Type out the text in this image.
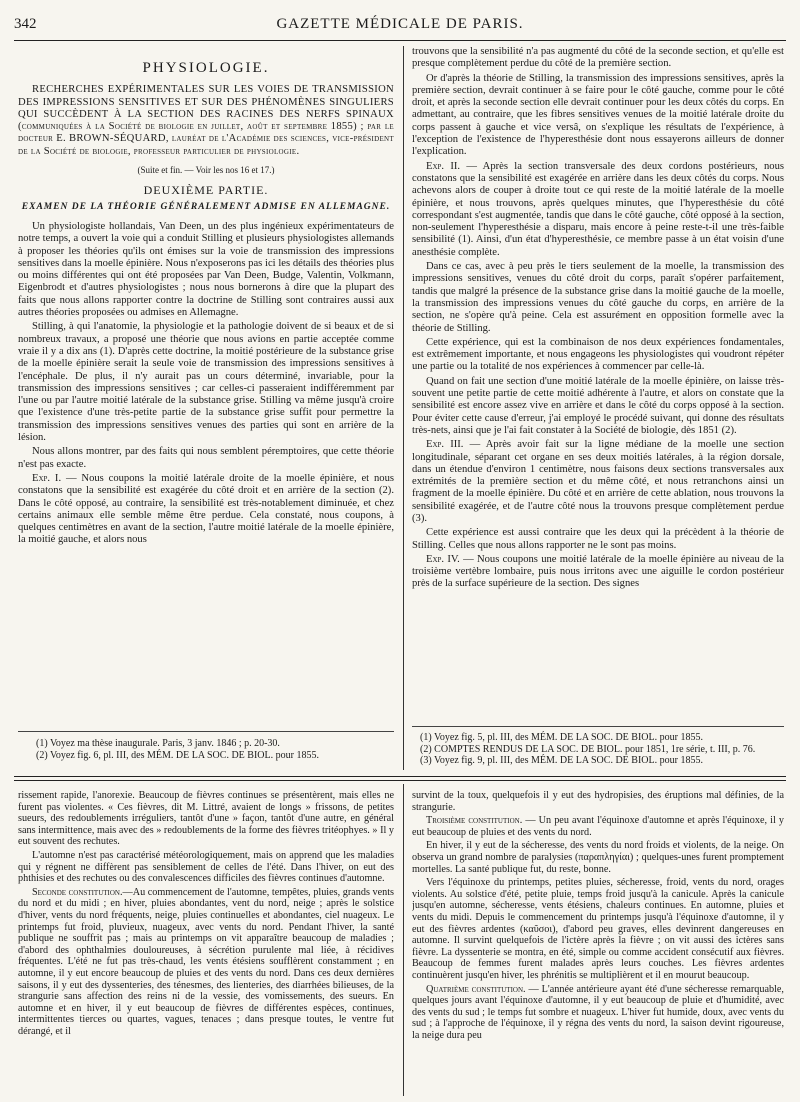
342	GAZETTE MÉDICALE DE PARIS.
PHYSIOLOGIE.

RECHERCHES EXPÉRIMENTALES SUR LES VOIES DE TRANSMISSION DES IMPRESSIONS SENSITIVES ET SUR DES PHÉNOMÈNES SINGULIERS QUI SUCCÈDENT À LA SECTION DES RACINES DES NERFS SPINAUX (communiquées à la Société de biologie en juillet, août et septembre 1855) ; par le docteur E. BROWN-SÉQUARD, lauréat de l'Académie des sciences, vice-président de la Société de biologie, professeur particulier de physiologie.

(Suite et fin. — Voir les nos 16 et 17.)
DEUXIÈME PARTIE.
EXAMEN DE LA THÉORIE GÉNÉRALEMENT ADMISE EN ALLEMAGNE.

Un physiologiste hollandais, Van Deen, un des plus ingénieux expérimentateurs de notre temps, a ouvert la voie qui a conduit Stilling et plusieurs physiologistes allemands à proposer les théories qu'ils ont émises sur la voie de transmission des impressions sensitives dans la moelle épinière. Nous n'exposerons pas ici les détails des théories plus ou moins différentes qui ont été proposées par Van Deen, Budge, Valentin, Volkmann, Eigenbrodt et d'autres physiologistes ; nous nous bornerons à dire que la plupart des faits que nous allons rapporter contre la doctrine de Stilling sont contraires aussi aux autres théories proposées ou admises en Allemagne.

Stilling, à qui l'anatomie, la physiologie et la pathologie doivent de si beaux et de si nombreux travaux, a proposé une théorie que nous avions en partie acceptée comme vraie il y a dix ans (1). D'après cette doctrine, la moitié postérieure de la substance grise de la moelle épinière serait la seule voie de transmission des impressions sensitives à l'encéphale. De plus, il n'y aurait pas un cours déterminé, invariable, pour la transmission des impressions sensitives ; car celles-ci passeraient indifféremment par l'une ou par l'autre moitié latérale de la substance grise. Stilling va même jusqu'à croire que l'existence d'une très-petite partie de la substance grise suffit pour permettre la transmission des impressions sensitives venues des parties qui sont en arrière de la lésion.

Nous allons montrer, par des faits qui nous semblent péremptoires, que cette théorie n'est pas exacte.

Exp. I. — Nous coupons la moitié latérale droite de la moelle épinière, et nous constatons que la sensibilité est exagérée du côté droit et en arrière de la section (2). Dans le côté opposé, au contraire, la sensibilité est très-notablement diminuée, et chez certains animaux elle semble même être perdue. Cela constaté, nous coupons, à quelques centimètres en avant de la section, l'autre moitié latérale de la moelle épinière, la moitié gauche, et alors nous

trouvons que la sensibilité n'a pas augmenté du côté de la seconde section, et qu'elle est presque complètement perdue du côté de la première section.

Or d'après la théorie de Stilling, la transmission des impressions sensitives, après la première section, devrait continuer à se faire pour le côté gauche, comme pour le côté droit, et après la seconde section elle devrait continuer pour les deux côtés du corps. En admettant, au contraire, que les fibres sensitives venues de la moitié latérale droite du corps passent à gauche et vice versâ, on s'explique les résultats de l'expérience, à l'exception de l'existence de l'hyperesthésie dont nous essayerons ailleurs de donner l'explication.

Exp. II. — Après la section transversale des deux cordons postérieurs, nous constatons que la sensibilité est exagérée en arrière dans les deux côtés du corps. Nous achevons alors de couper à droite tout ce qui reste de la moitié latérale de la moelle épinière, et nous trouvons, après quelques minutes, que l'hyperesthésie du côté correspondant s'est augmentée, tandis que dans le côté gauche, côté opposé à la section, non-seulement l'hyperesthésie a disparu, mais encore à peine reste-t-il une très-faible sensibilité (1). Ainsi, d'un état d'hyperesthésie, ce membre passe à un état voisin d'une anesthésie complète.

Dans ce cas, avec à peu près le tiers seulement de la moelle, la transmission des impressions sensitives, venues du côté droit du corps, paraît s'opérer parfaitement, tandis que malgré la présence de la substance grise dans la moitié gauche de la moelle, la transmission des impressions venues du côté gauche du corps, en arrière de la section, ne s'opère qu'à peine. Cela est assurément en opposition formelle avec la théorie de Stilling.

Cette expérience, qui est la combinaison de nos deux expériences fondamentales, est extrêmement importante, et nous engageons les physiologistes qui voudront répéter une partie ou la totalité de nos expériences à commencer par celle-là.

Quand on fait une section d'une moitié latérale de la moelle épinière, on laisse très-souvent une petite partie de cette moitié adhérente à l'autre, et alors on constate que la sensibilité est encore assez vive en arrière et dans le côté du corps opposé à la section. Pour éviter cette cause d'erreur, j'ai employé le procédé suivant, qui donne des résultats très-nets, ainsi que je l'ai fait constater à la Société de biologie, dès 1851 (2).

Exp. III. — Après avoir fait sur la ligne médiane de la moelle une section longitudinale, séparant cet organe en ses deux moitiés latérales, à la région dorsale, dans un étendue d'environ 1 centimètre, nous faisons deux sections transversales aux extrémités de la première section et du même côté, et nous retranchons ainsi un fragment de la moelle épinière. Du côté et en arrière de cette ablation, nous trouvons la sensibilité exagérée, et de l'autre côté nous la trouvons presque complètement perdue (3).

Cette expérience est aussi contraire que les deux qui la précèdent à la théorie de Stilling. Celles que nous allons rapporter ne le sont pas moins.

Exp. IV. — Nous coupons une moitié latérale de la moelle épinière au niveau de la troisième vertèbre lombaire, puis nous irritons avec une aiguille le cordon postérieur près de la surface supérieure de la section. Des signes

(1) Voyez ma thèse inaugurale. Paris, 3 janv. 1846 ; p. 20-30.
(2) Voyez fig. 6, pl. III, des MÉM. DE LA SOC. DE BIOL. pour 1855.
(1) Voyez fig. 5, pl. III, des MÉM. DE LA SOC. DE BIOL. pour 1855.
(2) COMPTES RENDUS DE LA SOC. DE BIOL. pour 1851, 1re série, t. III, p. 76.
(3) Voyez fig. 9, pl. III, des MÉM. DE LA SOC. DE BIOL. pour 1855.

rissement rapide, l'anorexie. Beaucoup de fièvres continues se présentèrent, mais elles ne furent pas violentes. « Ces fièvres, dit M. Littré, avaient de longs » frissons, de petites sueurs, des redoublements irréguliers, tantôt d'une » façon, tantôt d'une autre, en général sans intermittence, mais avec des » redoublements de la forme des fièvres tritéophyes. » Il y eut souvent des rechutes.

L'automne n'est pas caractérisé météorologiquement, mais on apprend que les maladies qui y régnent ne diffèrent pas sensiblement de celles de l'été. Dans l'hiver, on eut des phthisies et des rechutes ou des convalescences difficiles des fièvres continues d'automne.

Seconde constitution.—Au commencement de l'automne, tempêtes, pluies, grands vents du nord et du midi ; en hiver, pluies abondantes, vent du nord, neige ; après le solstice d'hiver, vents du nord fréquents, neige, pluies continuelles et abondantes, ciel nuageux. Le printemps fut froid, pluvieux, nuageux, avec vents du nord. Pendant l'hiver, la santé publique ne souffrit pas ; mais au printemps on vit apparaître beaucoup de maladies ; d'abord des ophthalmies douloureuses, à sécrétion purulente mal liée, à récidives fréquentes. L'été ne fut pas très-chaud, les vents étésiens soufflèrent constamment ; en automne, il y eut encore beaucoup de pluies et des vents du nord. Dans ces deux dernières saisons, il y eut des dyssenteries, des ténesmes, des lienteries, des diarrhées bilieuses, de la strangurie sans affection des reins ni de la vessie, des vomissements, des sueurs. En automne et en hiver, il y eut beaucoup de fièvres de différentes espèces, continues, intermittentes tierces ou quartes, vagues, tenaces ; dans presque toutes, le ventre fut dérangé, et il

survint de la toux, quelquefois il y eut des hydropisies, des éruptions mal définies, de la strangurie.

Troisième constitution. — Un peu avant l'équinoxe d'automne et après l'équinoxe, il y eut beaucoup de pluies et des vents du nord.

En hiver, il y eut de la sécheresse, des vents du nord froids et violents, de la neige. On observa un grand nombre de paralysies (παραπληγίαι) ; quelques-unes furent promptement mortelles. La santé publique fut, du reste, bonne.

Vers l'équinoxe du printemps, petites pluies, sécheresse, froid, vents du nord, orages violents. Au solstice d'été, petite pluie, temps froid jusqu'à la canicule. Après la canicule jusqu'en automne, sécheresse, vents étésiens, chaleurs continues. En automne, pluies et vents du midi. Depuis le commencement du printemps jusqu'à l'équinoxe d'automne, il y eut des fièvres ardentes (καῦσοι), d'abord peu graves, elles devinrent dangereuses en automne. Il survint quelquefois de l'ictère après la fièvre ; on vit aussi des ictères sans fièvre. La dyssenterie se montra, en été, simple ou comme accident consécutif aux fièvres. Beaucoup de femmes furent malades après leurs couches. Les fièvres ardentes continuèrent jusqu'en hiver, les phrénitis se multiplièrent et il en mourut beaucoup.

Quatrième constitution. — L'année antérieure ayant été d'une sécheresse remarquable, quelques jours avant l'équinoxe d'automne, il y eut beaucoup de pluie et d'humidité, avec des vents du sud ; le temps fut sombre et nuageux. L'hiver fut humide, doux, avec vents du sud ; à l'approche de l'équinoxe, il y régna des vents du nord, la saison devint rigoureuse, la neige dura peu
